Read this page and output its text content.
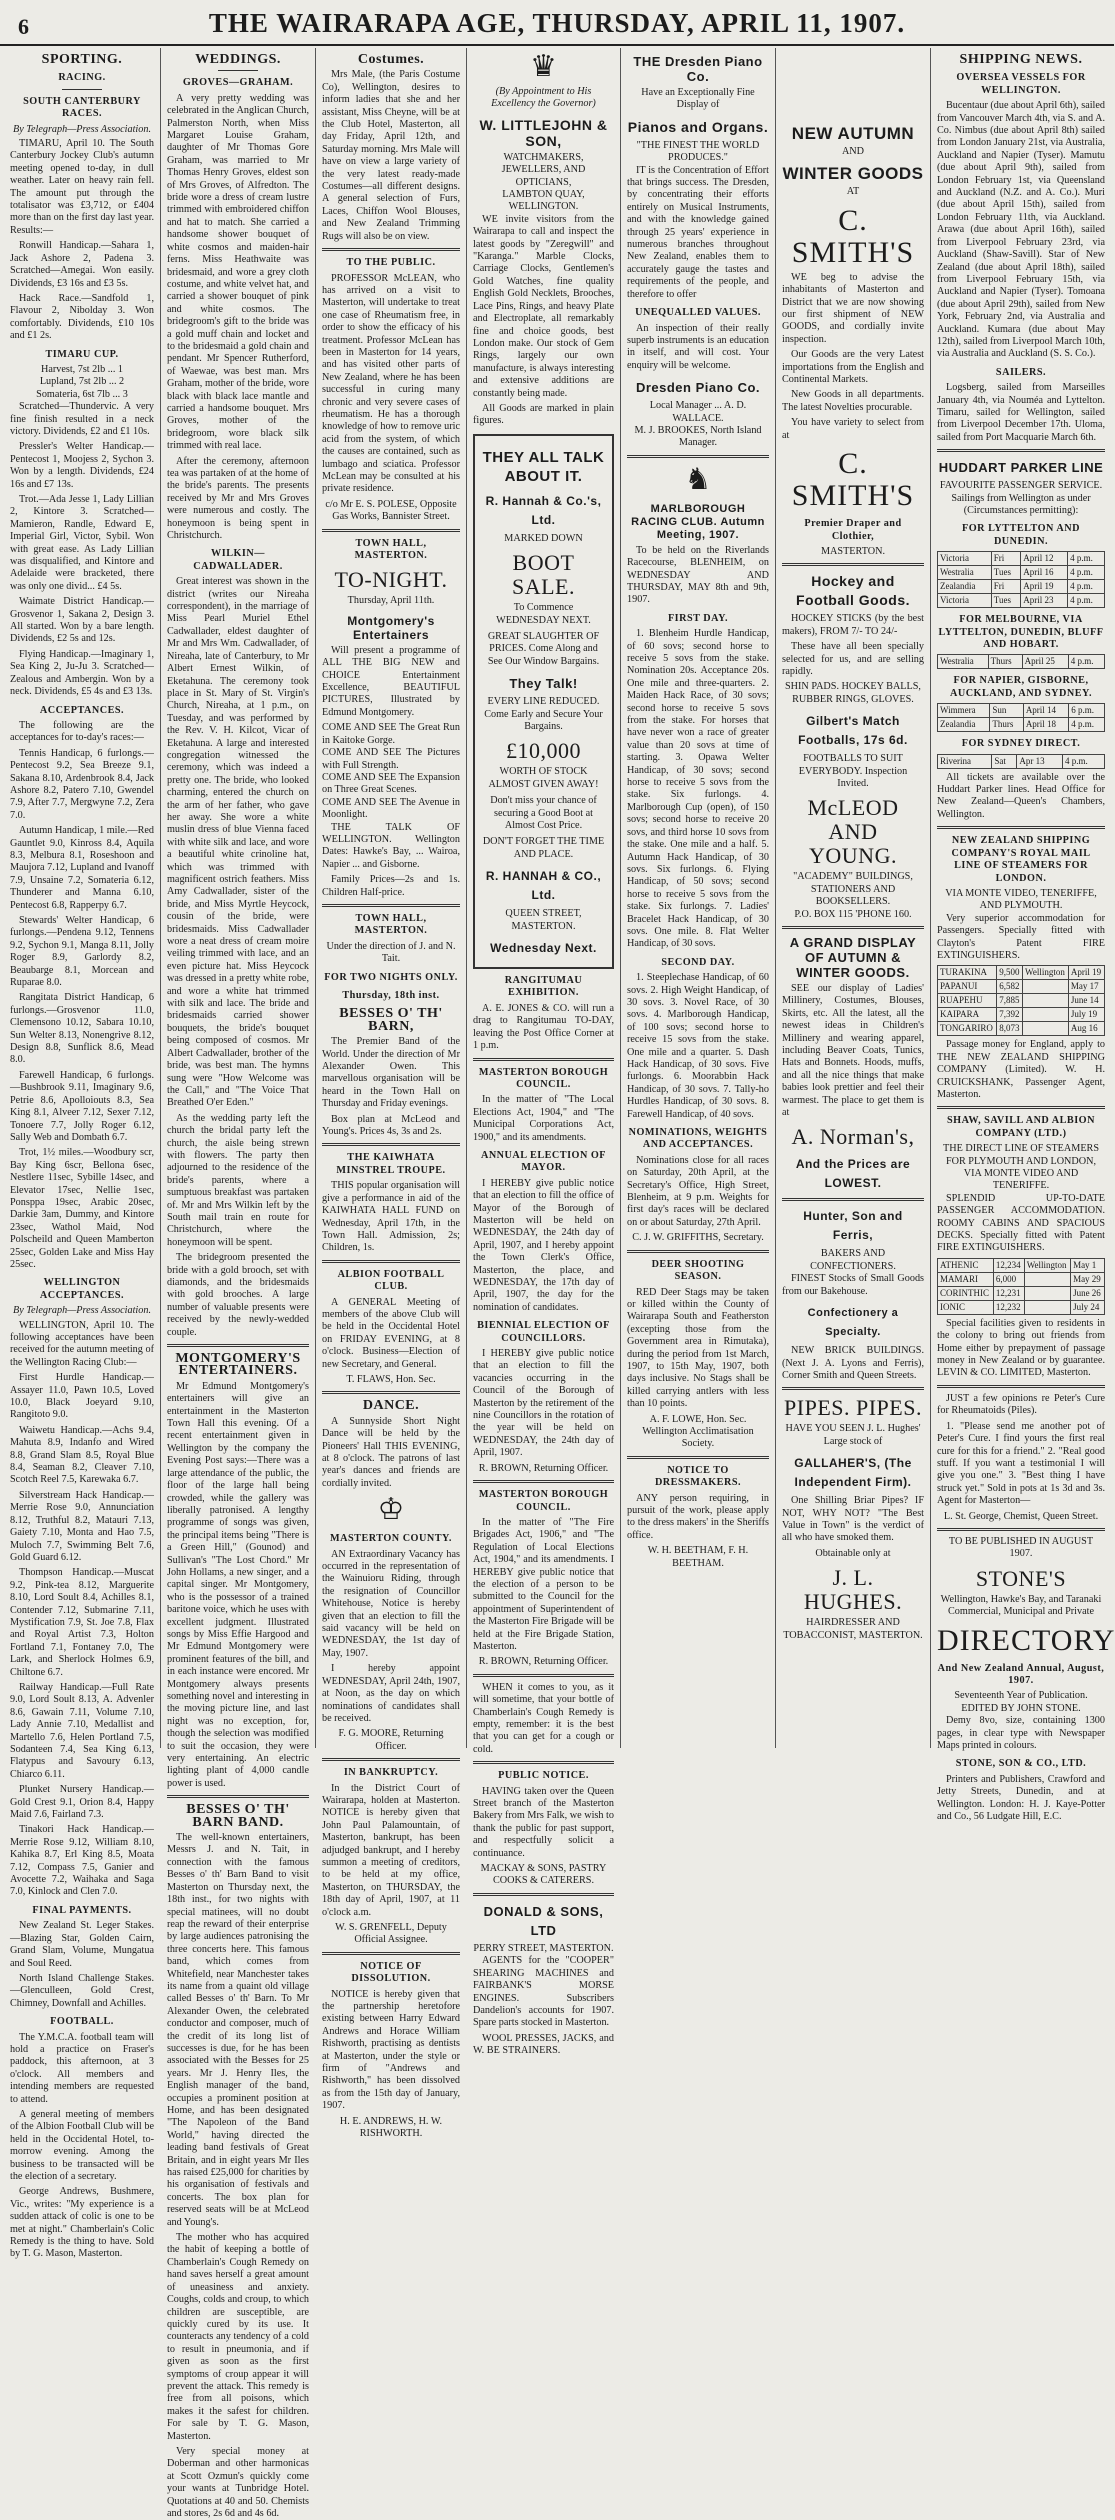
6	THE WAIRARAPA AGE, THURSDAY, APRIL 11, 1907.
SPORTING.
RACING.
SOUTH CANTERBURY RACES.
By Telegraph—Press Association.

TIMARU, April 10. The South Canterbury Jockey Club's autumn meeting opened to-day, in dull weather. Later on heavy rain fell. The amount put through the totalisator was £3,712, or £404 more than on the first day last year. Results:—

Ronwill Handicap.—Sahara 1, Jack Ashore 2, Padena 3. Scratched—Amegai. Won easily. Dividends, £3 16s and £3 5s.

Hack Race.—Sandfold 1, Flavour 2, Nibolday 3. Won comfortably. Dividends, £10 10s and £1 2s.

TIMARU CUP.
Harvest, 7st 2lb ... 1
Lupland, 7st 2lb ... 2
Somateria, 6st 7lb ... 3

Scratched—Thundervic. A very fine finish resulted in a neck victory. Dividends, £2 and £1 10s.

Pressler's Welter Handicap.—Pentecost 1, Moojess 2, Sychon 3. Won by a length. Dividends, £24 16s and £7 13s.

Trot.—Ada Jesse 1, Lady Lillian 2, Kintore 3. Scratched—Mamieron, Randle, Edward E, Imperial Girl, Victor, Sybil. Won with great ease. As Lady Lillian was disqualified, and Kintore and Adelaide were bracketed, there was only one divid... £4 5s.

Waimate District Handicap.—Grosvenor 1, Sakana 2, Design 3. All started. Won by a bare length. Dividends, £2 5s and 12s.

Flying Handicap.—Imaginary 1, Sea King 2, Ju-Ju 3. Scratched—Zealous and Ambergin. Won by a neck. Dividends, £5 4s and £3 13s.

ACCEPTANCES.

The following are the acceptances for to-day's races:—

Tennis Handicap, 6 furlongs.—Pentecost 9.2, Sea Breeze 9.1, Sakana 8.10, Ardenbrook 8.4, Jack Ashore 8.2, Patero 7.10, Gwendel 7.9, After 7.7, Mergwyne 7.2, Zera 7.0.

Autumn Handicap, 1 mile.—Red Gauntlet 9.0, Kinross 8.4, Aquila 8.3, Melbura 8.1, Roseshoon and Maujora 7.12, Lupland and Ivanoff 7.9, Unsaine 7.2, Somateria 6.12, Thunderer and Manna 6.10, Pentecost 6.8, Rapperpy 6.7.

Stewards' Welter Handicap, 6 furlongs.—Pendena 9.12, Tennens 9.2, Sychon 9.1, Manga 8.11, Jolly Roger 8.9, Garlordy 8.2, Beaubarge 8.1, Morcean and Ruparae 8.0.

Rangitata District Handicap, 6 furlongs.—Grosvenor 11.0, Clemensono 10.12, Sabara 10.10, Sun Welter 8.13, Nonengrive 8.12, Design 8.8, Sunflick 8.6, Mead 8.0.

Farewell Handicap, 6 furlongs.—Bushbrook 9.11, Imaginary 9.6, Petrie 8.6, Apolloiouts 8.3, Sea King 8.1, Alveer 7.12, Sexer 7.12, Tonoere 7.7, Jolly Roger 6.12, Sally Web and Dombath 6.7.

Trot, 1½ miles.—Woodbury scr, Bay King 6scr, Bellona 6sec, Nestlere 11sec, Sybille 14sec, and Elevator 17sec, Nellie 1sec, Ponsppa 19sec, Arabic 20sec, Darkie 3am, Dummy, and Kintore 23sec, Wathol Maid, Nod Polscheild and Queen Mamberton 25sec, Golden Lake and Miss Hay 25sec.

WELLINGTON ACCEPTANCES.
By Telegraph—Press Association.

WELLINGTON, April 10. The following acceptances have been received for the autumn meeting of the Wellington Racing Club:—

First Hurdle Handicap.—Assayer 11.0, Pawn 10.5, Loved 10.0, Black Joeyard 9.10, Rangitoto 9.0.

Waiwetu Handicap.—Achs 9.4, Mahuta 8.9, Indanfo and Wired 8.8, Grand Slam 8.5, Royal Blue 8.4, Seaman 8.2, Cleaver 7.10, Scotch Reel 7.5, Karewaka 6.7.

Silverstream Hack Handicap.—Merrie Rose 9.0, Annunciation 8.12, Truthful 8.2, Matauri 7.13, Gaiety 7.10, Monta and Hao 7.5, Muloch 7.7, Swimming Belt 7.6, Gold Guard 6.12.

Thompson Handicap.—Muscat 9.2, Pink-tea 8.12, Marguerite 8.10, Lord Soult 8.4, Achilles 8.1, Contender 7.12, Submarine 7.11, Mystification 7.9, St. Joe 7.8, Flax and Royal Artist 7.3, Holton Fortland 7.1, Fontaney 7.0, The Lark, and Sherlock Holmes 6.9, Chiltone 6.7.

Railway Handicap.—Full Rate 9.0, Lord Soult 8.13, A. Advenler 8.6, Gawain 7.11, Volume 7.10, Lady Annie 7.10, Medallist and Martello 7.6, Helen Portland 7.5, Sodanteen 7.4, Sea King 6.13, Flatypus and Savoury 6.13, Chiarco 6.11.

Plunket Nursery Handicap.—Gold Crest 9.1, Orion 8.4, Happy Maid 7.6, Fairland 7.3.

Tinakori Hack Handicap.—Merrie Rose 9.12, William 8.10, Kahika 8.7, Erl King 8.5, Moata 7.12, Compass 7.5, Ganier and Avocette 7.2, Waihaka and Saga 7.0, Kinlock and Clen 7.0.

FINAL PAYMENTS.

New Zealand St. Leger Stakes.—Blazing Star, Golden Cairn, Grand Slam, Volume, Mungatua and Soul Reed.

North Island Challenge Stakes.—Glenculleen, Gold Crest, Chimney, Downfall and Achilles.

FOOTBALL.

The Y.M.C.A. football team will hold a practice on Fraser's paddock, this afternoon, at 3 o'clock. All members and intending members are requested to attend.

A general meeting of members of the Albion Football Club will be held in the Occidental Hotel, to-morrow evening. Among the business to be transacted will be the election of a secretary.

George Andrews, Bushmere, Vic., writes: "My experience is a sudden attack of colic is one to be met at night." Chamberlain's Colic Remedy is the thing to have. Sold by T. G. Mason, Masterton.

WEDDINGS.
GROVES—GRAHAM.

A very pretty wedding was celebrated in the Anglican Church, Palmerston North, when Miss Margaret Louise Graham, daughter of Mr Thomas Gore Graham, was married to Mr Thomas Henry Groves, eldest son of Mrs Groves, of Alfredton. The bride wore a dress of cream lustre trimmed with embroidered chiffon and hat to match. She carried a handsome shower bouquet of white cosmos and maiden-hair ferns. Miss Heathwaite was bridesmaid, and wore a grey cloth costume, and white velvet hat, and carried a shower bouquet of pink and white cosmos. The bridegroom's gift to the bride was a gold muff chain and locket and to the bridesmaid a gold chain and pendant. Mr Spencer Rutherford, of Waewae, was best man. Mrs Graham, mother of the bride, wore black with black lace mantle and carried a handsome bouquet. Mrs Groves, mother of the bridegroom, wore black silk trimmed with real lace.

After the ceremony, afternoon tea was partaken of at the home of the bride's parents. The presents received by Mr and Mrs Groves were numerous and costly. The honeymoon is being spent in Christchurch.

WILKIN—CADWALLADER.

Great interest was shown in the district (writes our Nireaha correspondent), in the marriage of Miss Pearl Muriel Ethel Cadwallader, eldest daughter of Mr and Mrs Wm. Cadwallader, of Nireaha, late of Canterbury, to Mr Albert Ernest Wilkin, of Eketahuna. The ceremony took place in St. Mary of St. Virgin's Church, Nireaha, at 1 p.m., on Tuesday, and was performed by the Rev. V. H. Kilcot, Vicar of Eketahuna. A large and interested congregation witnessed the ceremony, which was indeed a pretty one. The bride, who looked charming, entered the church on the arm of her father, who gave her away. She wore a white muslin dress of blue Vienna faced with white silk and lace, and wore a beautiful white crinoline hat, which was trimmed with magnificent ostrich feathers. Miss Amy Cadwallader, sister of the bride, and Miss Myrtle Heycock, cousin of the bride, were bridesmaids. Miss Cadwallader wore a neat dress of cream moire veiling trimmed with lace, and an even picture hat. Miss Heycock was dressed in a pretty white robe, and wore a white hat trimmed with silk and lace. The bride and bridesmaids carried shower bouquets, the bride's bouquet being composed of cosmos. Mr Albert Cadwallader, brother of the bride, was best man. The hymns sung were "How Welcome was the Call," and "The Voice That Breathed O'er Eden."

As the wedding party left the church the bridal party left the church, the aisle being strewn with flowers. The party then adjourned to the residence of the bride's parents, where a sumptuous breakfast was partaken of. Mr and Mrs Wilkin left by the South mail train en route for Christchurch, where the honeymoon will be spent.

The bridegroom presented the bride with a gold brooch, set with diamonds, and the bridesmaids with gold brooches. A large number of valuable presents were received by the newly-wedded couple.

MONTGOMERY'S ENTERTAINERS.

Mr Edmund Montgomery's entertainers will give an entertainment in the Masterton Town Hall this evening. Of a recent entertainment given in Wellington by the company the Evening Post says:—There was a large attendance of the public, the floor of the large hall being crowded, while the gallery was liberally patronised. A lengthy programme of songs was given, the principal items being "There is a Green Hill," (Gounod) and Sullivan's "The Lost Chord." Mr John Hollams, a new singer, and a capital singer. Mr Montgomery, who is the possessor of a trained baritone voice, which he uses with excellent judgment. Illustrated songs by Miss Effie Hargood and Mr Edmund Montgomery were prominent features of the bill, and in each instance were encored. Mr Montgomery always presents something novel and interesting in the moving picture line, and last night was no exception, for, though the selection was modified to suit the occasion, they were very entertaining. An electric lighting plant of 4,000 candle power is used.

BESSES O' TH' BARN BAND.

The well-known entertainers, Messrs J. and N. Tait, in connection with the famous Besses o' th' Barn Band to visit Masterton on Thursday next, the 18th inst., for two nights with special matinees, will no doubt reap the reward of their enterprise by large audiences patronising the three concerts here. This famous band, which comes from Whitefield, near Manchester takes its name from a quaint old village called Besses o' th' Barn. To Mr Alexander Owen, the celebrated conductor and composer, much of the credit of its long list of successes is due, for he has been associated with the Besses for 25 years. Mr J. Henry Iles, the English manager of the band, occupies a prominent position at Home, and has been designated "The Napoleon of the Band World," having directed the leading band festivals of Great Britain, and in eight years Mr Iles has raised £25,000 for charities by his organisation of festivals and concerts. The box plan for reserved seats will be at McLeod and Young's.

The mother who has acquired the habit of keeping a bottle of Chamberlain's Cough Remedy on hand saves herself a great amount of uneasiness and anxiety. Coughs, colds and croup, to which children are susceptible, are quickly cured by its use. It counteracts any tendency of a cold to result in pneumonia, and if given as soon as the first symptoms of croup appear it will prevent the attack. This remedy is free from all poisons, which makes it the safest for children. For sale by T. G. Mason, Masterton.

Very special money at Doberman and other harmonicas at Scott Ozmun's quickly come your wants at Tunbridge Hotel. Quotations at 40 and 50. Chemists and stores, 2s 6d and 4s 6d.

Costumes.

Mrs Male, (the Paris Costume Co), Wellington, desires to inform ladies that she and her assistant, Miss Cheyne, will be at the Club Hotel, Masterton, all day Friday, April 12th, and Saturday morning. Mrs Male will have on view a large variety of the very latest ready-made Costumes—all different designs. A general selection of Furs, Laces, Chiffon Wool Blouses, and New Zealand Trimming Rugs will also be on view.

TO THE PUBLIC.

PROFESSOR McLEAN, who has arrived on a visit to Masterton, will undertake to treat one case of Rheumatism free, in order to show the efficacy of his treatment. Professor McLean has been in Masterton for 14 years, and has visited other parts of New Zealand, where he has been successful in curing many chronic and very severe cases of rheumatism. He has a thorough knowledge of how to remove uric acid from the system, of which the causes are contained, such as lumbago and sciatica. Professor McLean may be consulted at his private residence.

c/o Mr E. S. POLESE, Opposite Gas Works, Bannister Street.
TOWN HALL, MASTERTON.
TO-NIGHT.
Thursday, April 11th.
Montgomery's Entertainers

Will present a programme of ALL THE BIG NEW and CHOICE Entertainment Excellence, BEAUTIFUL PICTURES, Illustrated by Edmund Montgomery.

COME AND SEE The Great Run in Kaitoke Gorge.
COME AND SEE The Pictures with Full Strength.
COME AND SEE The Expansion on Three Great Scenes.
COME AND SEE The Avenue in Moonlight.

THE TALK OF WELLINGTON. Wellington Dates: Hawke's Bay, ... Wairoa, Napier ... and Gisborne.

Family Prices—2s and 1s. Children Half-price.

TOWN HALL, MASTERTON.
Under the direction of J. and N. Tait.
FOR TWO NIGHTS ONLY.
Thursday, 18th inst.
BESSES O' TH' BARN,

The Premier Band of the World. Under the direction of Mr Alexander Owen. This marvellous organisation will be heard in the Town Hall on Thursday and Friday evenings.

Box plan at McLeod and Young's. Prices 4s, 3s and 2s.

THE KAIWHATA MINSTREL TROUPE.

THIS popular organisation will give a performance in aid of the KAIWHATA HALL FUND on Wednesday, April 17th, in the Town Hall. Admission, 2s; Children, 1s.

ALBION FOOTBALL CLUB.

A GENERAL Meeting of members of the above Club will be held in the Occidental Hotel on FRIDAY EVENING, at 8 o'clock. Business—Election of new Secretary, and General.

T. FLAWS, Hon. Sec.
DANCE.

A Sunnyside Short Night Dance will be held by the Pioneers' Hall THIS EVENING, at 8 o'clock. The patrons of last year's dances and friends are cordially invited.

♔
MASTERTON COUNTY.

AN Extraordinary Vacancy has occurred in the representation of the Wainuioru Riding, through the resignation of Councillor Whitehouse, Notice is hereby given that an election to fill the said vacancy will be held on WEDNESDAY, the 1st day of May, 1907.

I hereby appoint WEDNESDAY, April 24th, 1907, at Noon, as the day on which nominations of candidates shall be received.

F. G. MOORE, Returning Officer.
IN BANKRUPTCY.

In the District Court of Wairarapa, holden at Masterton. NOTICE is hereby given that John Paul Palamountain, of Masterton, bankrupt, has been adjudged bankrupt, and I hereby summon a meeting of creditors, to be held at my office, Masterton, on THURSDAY, the 18th day of April, 1907, at 11 o'clock a.m.

W. S. GRENFELL, Deputy Official Assignee.
NOTICE OF DISSOLUTION.

NOTICE is hereby given that the partnership heretofore existing between Harry Edward Andrews and Horace William Rishworth, practising as dentists at Masterton, under the style or firm of "Andrews and Rishworth," has been dissolved as from the 15th day of January, 1907.

H. E. ANDREWS, H. W. RISHWORTH.
♛
(By Appointment to His Excellency the Governor)
W. LITTLEJOHN & SON,
WATCHMAKERS, JEWELLERS, AND OPTICIANS,
LAMBTON QUAY, WELLINGTON.

WE invite visitors from the Wairarapa to call and inspect the latest goods by "Zeregwill" and "Karanga." Marble Clocks, Carriage Clocks, Gentlemen's Gold Watches, fine quality English Gold Necklets, Brooches, Lace Pins, Rings, and heavy Plate and Electroplate, all remarkably fine and choice goods, best London make. Our stock of Gem Rings, largely our own manufacture, is always interesting and extensive additions are constantly being made.

All Goods are marked in plain figures.

THEY ALL TALK ABOUT IT.
R. Hannah & Co.'s, Ltd.
MARKED DOWN
BOOT SALE.
To Commence WEDNESDAY NEXT.
GREAT SLAUGHTER OF PRICES. Come Along and See Our Window Bargains.
They Talk!
EVERY LINE REDUCED. Come Early and Secure Your Bargains.
£10,000
WORTH OF STOCK ALMOST GIVEN AWAY!
Don't miss your chance of securing a Good Boot at Almost Cost Price.
DON'T FORGET THE TIME AND PLACE.
R. HANNAH & CO., Ltd.
QUEEN STREET, MASTERTON.
Wednesday Next.
RANGITUMAU EXHIBITION.

A. E. JONES & CO. will run a drag to Rangitumau TO-DAY, leaving the Post Office Corner at 1 p.m.

MASTERTON BOROUGH COUNCIL.

In the matter of "The Local Elections Act, 1904," and "The Municipal Corporations Act, 1900," and its amendments.

ANNUAL ELECTION OF MAYOR.

I HEREBY give public notice that an election to fill the office of Mayor of the Borough of Masterton will be held on WEDNESDAY, the 24th day of April, 1907, and I hereby appoint the Town Clerk's Office, Masterton, the place, and WEDNESDAY, the 17th day of April, 1907, the day for the nomination of candidates.

BIENNIAL ELECTION OF COUNCILLORS.

I HEREBY give public notice that an election to fill the vacancies occurring in the Council of the Borough of Masterton by the retirement of the nine Councillors in the rotation of the year will be held on WEDNESDAY, the 24th day of April, 1907.

R. BROWN, Returning Officer.
MASTERTON BOROUGH COUNCIL.

In the matter of "The Fire Brigades Act, 1906," and "The Regulation of Local Elections Act, 1904," and its amendments. I HEREBY give public notice that the election of a person to be submitted to the Council for the appointment of Superintendent of the Masterton Fire Brigade will be held at the Fire Brigade Station, Masterton.

R. BROWN, Returning Officer.

WHEN it comes to you, as it will sometime, that your bottle of Chamberlain's Cough Remedy is empty, remember: it is the best that you can get for a cough or cold.

PUBLIC NOTICE.

HAVING taken over the Queen Street branch of the Masterton Bakery from Mrs Falk, we wish to thank the public for past support, and respectfully solicit a continuance.

MACKAY & SONS, PASTRY COOKS & CATERERS.
DONALD & SONS, LTD
PERRY STREET, MASTERTON.

AGENTS for the "COOPER" SHEARING MACHINES and FAIRBANK'S MORSE ENGINES. Subscribers Dandelion's accounts for 1907. Spare parts stocked in Masterton.

WOOL PRESSES, JACKS, and W. BE STRAINERS.

THE Dresden Piano Co.
Have an Exceptionally Fine Display of
Pianos and Organs.
"THE FINEST THE WORLD PRODUCES."

IT is the Concentration of Effort that brings success. The Dresden, by concentrating their efforts entirely on Musical Instruments, and with the knowledge gained through 25 years' experience in numerous branches throughout New Zealand, enables them to accurately gauge the tastes and requirements of the people, and therefore to offer

UNEQUALLED VALUES.

An inspection of their really superb instruments is an education in itself, and will cost. Your enquiry will be welcome.

Dresden Piano Co.
Local Manager ... A. D. WALLACE.
M. J. BROOKES, North Island Manager.
♞
MARLBOROUGH RACING CLUB. Autumn Meeting, 1907.

To be held on the Riverlands Racecourse, BLENHEIM, on WEDNESDAY AND THURSDAY, MAY 8th and 9th, 1907.

FIRST DAY.

1. Blenheim Hurdle Handicap, of 60 sovs; second horse to receive 5 sovs from the stake. Nomination 20s. Acceptance 20s. One mile and three-quarters. 2. Maiden Hack Race, of 30 sovs; second horse to receive 5 sovs from the stake. For horses that have never won a race of greater value than 20 sovs at time of starting. 3. Opawa Welter Handicap, of 30 sovs; second horse to receive 5 sovs from the stake. Six furlongs. 4. Marlborough Cup (open), of 150 sovs; second horse to receive 20 sovs, and third horse 10 sovs from the stake. One mile and a half. 5. Autumn Hack Handicap, of 30 sovs. Six furlongs. 6. Flying Handicap, of 50 sovs; second horse to receive 5 sovs from the stake. Six furlongs. 7. Ladies' Bracelet Hack Handicap, of 30 sovs. One mile. 8. Flat Welter Handicap, of 30 sovs.

SECOND DAY.

1. Steeplechase Handicap, of 60 sovs. 2. High Weight Handicap, of 30 sovs. 3. Novel Race, of 30 sovs. 4. Marlborough Handicap, of 100 sovs; second horse to receive 15 sovs from the stake. One mile and a quarter. 5. Dash Hack Handicap, of 30 sovs. Five furlongs. 6. Moorabbin Hack Handicap, of 30 sovs. 7. Tally-ho Hurdles Handicap, of 30 sovs. 8. Farewell Handicap, of 40 sovs.

NOMINATIONS, WEIGHTS AND ACCEPTANCES.

Nominations close for all races on Saturday, 20th April, at the Secretary's Office, High Street, Blenheim, at 9 p.m. Weights for first day's races will be declared on or about Saturday, 27th April.

C. J. W. GRIFFITHS, Secretary.
DEER SHOOTING SEASON.

RED Deer Stags may be taken or killed within the County of Wairarapa South and Featherston (excepting those from the Government area in Rimutaka), during the period from 1st March, 1907, to 15th May, 1907, both days inclusive. No Stags shall be killed carrying antlers with less than 10 points.

A. F. LOWE, Hon. Sec. Wellington Acclimatisation Society.
NOTICE TO DRESSMAKERS.

ANY person requiring, in pursuit of the work, please apply to the dress makers' in the Sheriffs office.

W. H. BEETHAM, F. H. BEETHAM.
NEW AUTUMN
AND
WINTER GOODS
AT
C. SMITH'S

WE beg to advise the inhabitants of Masterton and District that we are now showing our first shipment of NEW GOODS, and cordially invite inspection.

Our Goods are the very Latest importations from the English and Continental Markets.

New Goods in all departments. The latest Novelties procurable.

You have variety to select from at

C. SMITH'S
Premier Draper and Clothier,
MASTERTON.
Hockey and Football Goods.

HOCKEY STICKS (by the best makers), FROM 7/- TO 24/-

These have all been specially selected for us, and are selling rapidly.

SHIN PADS. HOCKEY BALLS, RUBBER RINGS, GLOVES.
Gilbert's Match Footballs, 17s 6d.
FOOTBALLS TO SUIT EVERYBODY. Inspection Invited.
McLEOD AND YOUNG.
"ACADEMY" BUILDINGS, STATIONERS AND BOOKSELLERS.
P.O. BOX 115 'PHONE 160.
A GRAND DISPLAY OF AUTUMN & WINTER GOODS.

SEE our display of Ladies' Millinery, Costumes, Blouses, Skirts, etc. All the latest, all the newest ideas in Children's Millinery and wearing apparel, including Beaver Coats, Tunics, Hats and Bonnets. Hoods, muffs, and all the nice things that make babies look prettier and feel their warmest. The place to get them is at

A. Norman's,
And the Prices are LOWEST.
Hunter, Son and Ferris,
BAKERS AND CONFECTIONERS.

FINEST Stocks of Small Goods from our Bakehouse.

Confectionery a Specialty.

NEW BRICK BUILDINGS. (Next J. A. Lyons and Ferris), Corner Smith and Queen Streets.

PIPES. PIPES.
HAVE YOU SEEN J. L. Hughes' Large stock of
GALLAHER'S, (The Independent Firm).

One Shilling Briar Pipes? IF NOT, WHY NOT? "The Best Value in Town" is the verdict of all who have smoked them.

Obtainable only at
J. L. HUGHES.
HAIRDRESSER AND TOBACCONIST, MASTERTON.
SHIPPING NEWS.
OVERSEA VESSELS FOR WELLINGTON.

Bucentaur (due about April 6th), sailed from Vancouver March 4th, via S. and A. Co. Nimbus (due about April 8th) sailed from London January 21st, via Australia, Auckland and Napier (Tyser). Mamutu (due about April 9th), sailed from London February 1st, via Queensland and Auckland (N.Z. and A. Co.). Muri (due about April 15th), sailed from London February 11th, via Auckland. Arawa (due about April 16th), sailed from Liverpool February 23rd, via Auckland (Shaw-Savill). Star of New Zealand (due about April 18th), sailed from Liverpool February 15th, via Auckland and Napier (Tyser). Tomoana (due about April 29th), sailed from New York, February 2nd, via Australia and Auckland. Kumara (due about May 12th), sailed from Liverpool March 10th, via Australia and Auckland (S. S. Co.).

SAILERS.

Logsberg, sailed from Marseilles January 4th, via Nouméa and Lyttelton. Timaru, sailed for Wellington, sailed from Liverpool December 17th. Uloma, sailed from Port Macquarie March 6th.

HUDDART PARKER LINE
FAVOURITE PASSENGER SERVICE.
Sailings from Wellington as under (Circumstances permitting):
FOR LYTTELTON AND DUNEDIN.
Victoria	Fri	April 12	4 p.m.
Westralia	Tues	April 16	4 p.m.
Zealandia	Fri	April 19	4 p.m.
Victoria	Tues	April 23	4 p.m.
FOR MELBOURNE, VIA LYTTELTON, DUNEDIN, BLUFF AND HOBART.
Westralia	Thurs	April 25	4 p.m.
FOR NAPIER, GISBORNE, AUCKLAND, AND SYDNEY.
Wimmera	Sun	April 14	6 p.m.
Zealandia	Thurs	April 18	4 p.m.
FOR SYDNEY DIRECT.
Riverina	Sat	Apr 13	4 p.m.

All tickets are available over the Huddart Parker lines. Head Office for New Zealand—Queen's Chambers, Wellington.

NEW ZEALAND SHIPPING COMPANY'S ROYAL MAIL LINE OF STEAMERS FOR LONDON.
VIA MONTE VIDEO, TENERIFFE, AND PLYMOUTH.

Very superior accommodation for Passengers. Specially fitted with Clayton's Patent FIRE EXTINGUISHERS.

TURAKINA	9,500	Wellington	April 19
PAPANUI	6,582		May 17
RUAPEHU	7,885		June 14
KAIPARA	7,392		July 19
TONGARIRO	8,073		Aug 16

Passage money for England, apply to THE NEW ZEALAND SHIPPING COMPANY (Limited). W. H. CRUICKSHANK, Passenger Agent, Masterton.

SHAW, SAVILL AND ALBION COMPANY (LTD.)
THE DIRECT LINE OF STEAMERS FOR PLYMOUTH AND LONDON, VIA MONTE VIDEO AND TENERIFFE.

SPLENDID UP-TO-DATE PASSENGER ACCOMMODATION. ROOMY CABINS AND SPACIOUS DECKS. Specially fitted with Patent FIRE EXTINGUISHERS.

ATHENIC	12,234	Wellington	May 1
MAMARI	6,000		May 29
CORINTHIC	12,231		June 26
IONIC	12,232		July 24

Special facilities given to residents in the colony to bring out friends from Home either by prepayment of passage money in New Zealand or by guarantee. LEVIN & CO. LIMITED, Masterton.

JUST a few opinions re Peter's Cure for Rheumatoids (Piles).

1. "Please send me another pot of Peter's Cure. I find yours the first real cure for this for a friend." 2. "Real good stuff. If you want a testimonial I will give you one." 3. "Best thing I have struck yet." Sold in pots at 1s 3d and 3s. Agent for Masterton—

L. St. George, Chemist, Queen Street.
TO BE PUBLISHED IN AUGUST 1907.
STONE'S
Wellington, Hawke's Bay, and Taranaki Commercial, Municipal and Private
DIRECTORY
And New Zealand Annual, August, 1907.
Seventeenth Year of Publication. EDITED BY JOHN STONE.

Demy 8vo, size, containing 1300 pages, in clear type with Newspaper Maps printed in colours.

STONE, SON & CO., LTD.

Printers and Publishers, Crawford and Jetty Streets, Dunedin, and at Wellington. London: H. J. Kaye-Potter and Co., 56 Ludgate Hill, E.C.
